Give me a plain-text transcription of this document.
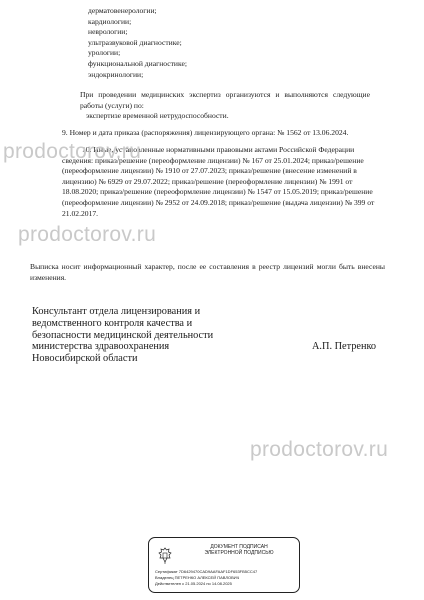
дерматовенерологии;
кардиологии;
неврологии;
ультразвуковой диагностике;
урологии;
функциональной диагностике;
эндокринологии;
При проведении медицинских экспертиз организуются и выполняются следующие работы (услуги) по:
экспертизе временной нетрудоспособности.
9. Номер и дата приказа (распоряжения) лицензирующего органа: № 1562 от 13.06.2024.
10. Иные, установленные нормативными правовыми актами Российской Федерации
сведения: приказ/решение (переоформление лицензии) № 167 от 25.01.2024; приказ/решение (переоформление лицензии) № 1910 от 27.07.2023; приказ/решение (внесение изменений в лицензию) № 6929 от 29.07.2022; приказ/решение (переоформление лицензии) № 1991 от 18.08.2020; приказ/решение (переоформление лицензии) № 1547 от 15.05.2019; приказ/решение (переоформление лицензии) № 2952 от 24.09.2018; приказ/решение (выдача лицензии) № 399 от 21.02.2017.
Выписка носит информационный характер, после ее составления в реестр лицензий могли быть внесены изменения.
Консультант отдела лицензирования и
ведомственного контроля качества и
безопасности медицинской деятельности
министерства здравоохранения
Новосибирской области
А.П. Петренко
prodoctorov.ru
prodoctorov.ru
prodoctorov.ru
ДОКУМЕНТ ПОДПИСАН
ЭЛЕКТРОННОЙ ПОДПИСЬЮ
Сертификат 7D6429470CAD9AAFAAF1DF653FB5CC47
Владелец ПЕТРЕНКО АЛЕКСЕЙ ПАВЛОВИЧ
Действителен с 21.05.2024 по 14.08.2025
